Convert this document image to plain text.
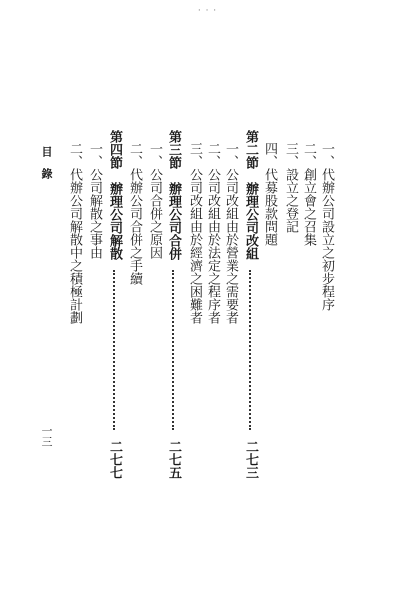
· · ·
一、代辦公司設立之初步程序
二、創立會之召集
三、設立之登記
四、代募股款問題
第二節　辦理公司改組
二七三
一、公司改組由於營業之需要者
二、公司改組由於法定之程序者
三、公司改組由於經濟之困難者
第三節　辦理公司合併
二七五
一、公司合併之原因
二、代辦公司合併之手續
第四節　辦理公司解散
二七七
一、公司解散之事由
二、代辦公司解散中之積極計劃
目　錄
一三
